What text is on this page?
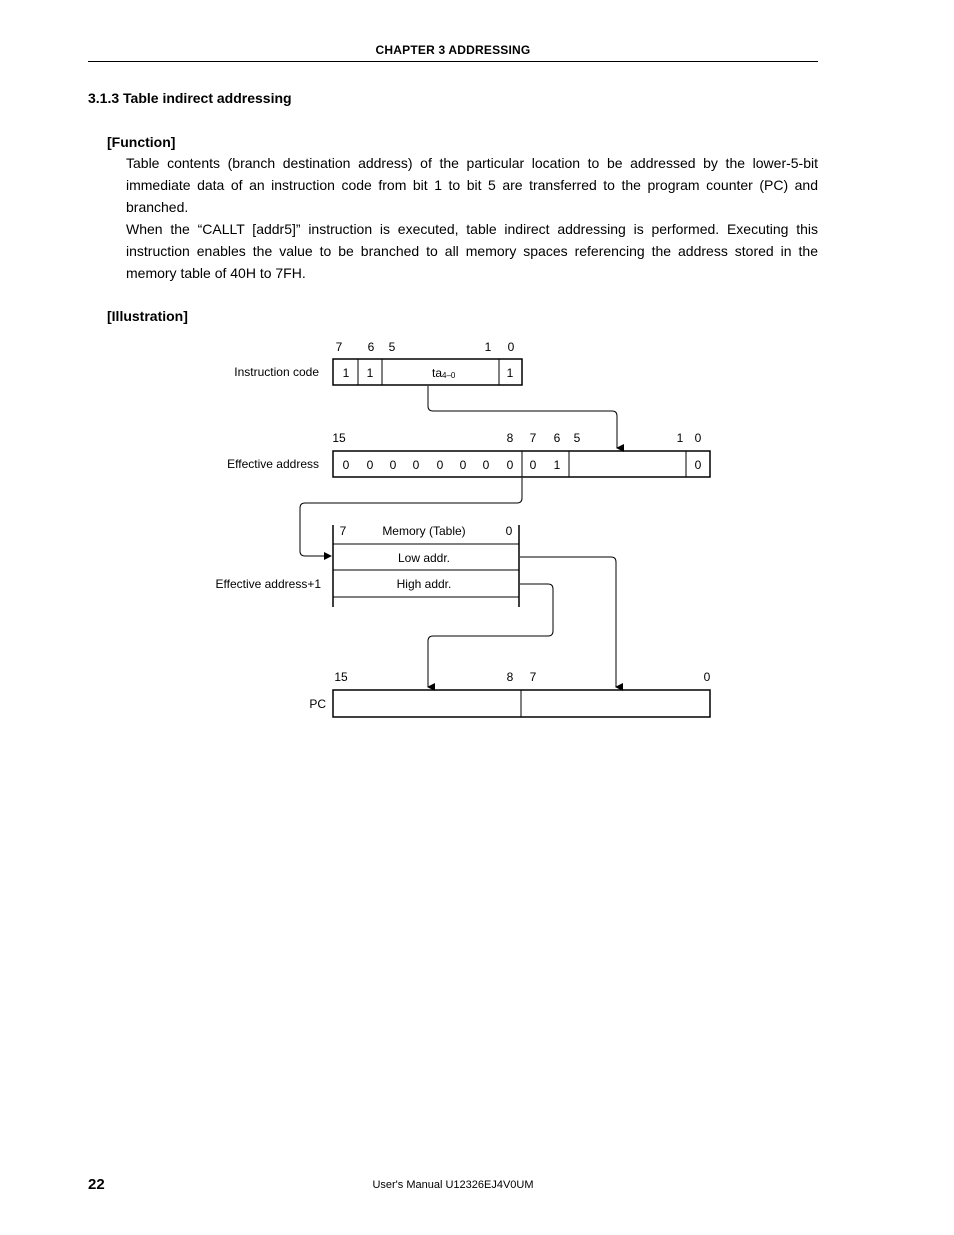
CHAPTER 3 ADDRESSING
3.1.3 Table indirect addressing
[Function]

Table contents (branch destination address) of the particular location to be addressed by the lower-5-bit immediate data of an instruction code from bit 1 to bit 5 are transferred to the program counter (PC) and branched.

When the “CALLT [addr5]” instruction is executed, table indirect addressing is performed. Executing this instruction enables the value to be branched to all memory spaces referencing the address stored in the memory table of 40H to 7FH.

[Illustration]
7 6 5	1 0
Instruction code 1 1	ta4–0	1
15	8 7 6 5	1 0
Effective address 0 0 0 0 0 0 0 0 0 1	0
7	Memory (Table)	0
Low addr.
High addr.
Effective address+1
15	8 7	0
PC
22	User's Manual U12326EJ4V0UM
